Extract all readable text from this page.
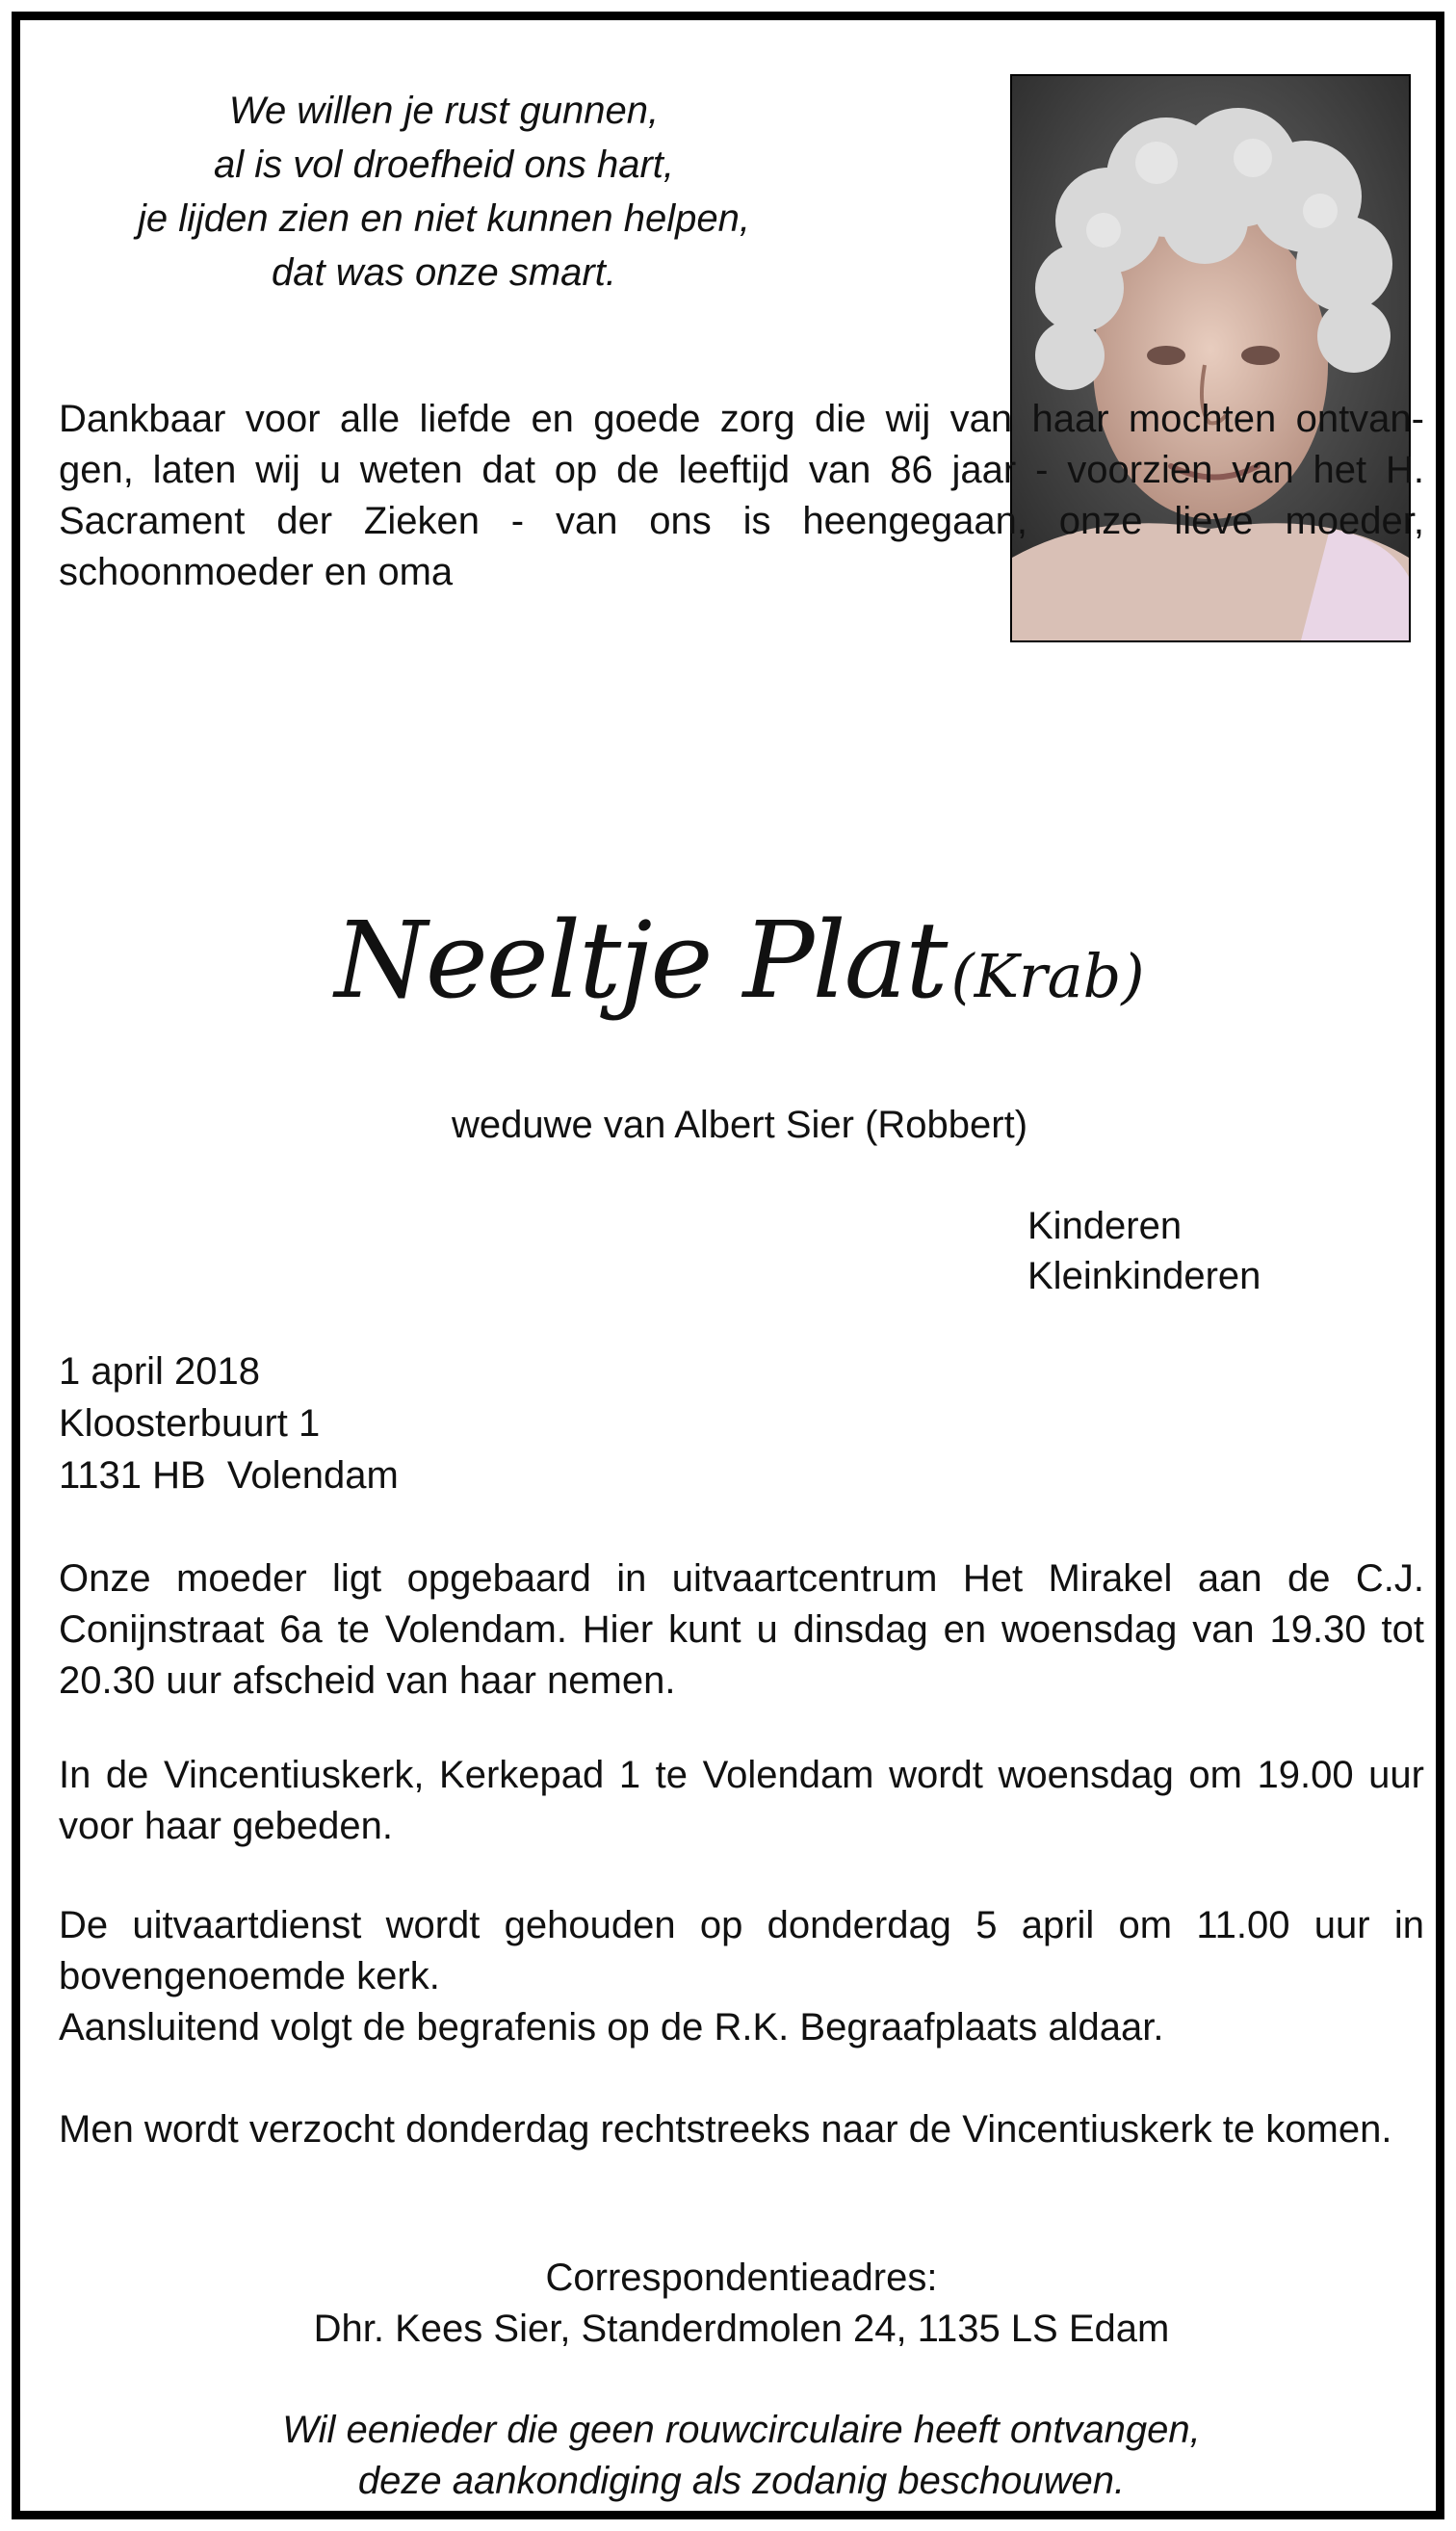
We willen je rust gunnen,
al is vol droefheid ons hart,
je lijden zien en niet kunnen helpen,
dat was onze smart.
Dankbaar voor alle liefde en goede zorg die wij van haar mochten ontvan-
gen, laten wij u weten dat op de leeftijd van 86 jaar - voorzien van het H.
Sacrament der Zieken - van ons is heengegaan, onze lieve moeder,
schoonmoeder en oma
Neeltje Plat (Krab)
weduwe van Albert Sier (Robbert)
Kinderen
Kleinkinderen
1 april 2018
Kloosterbuurt 1
1131 HB  Volendam
Onze moeder ligt opgebaard in uitvaartcentrum Het Mirakel aan de C.J. Conijnstraat 6a te Volendam. Hier kunt u dinsdag en woensdag van 19.30 tot 20.30 uur afscheid van haar nemen.
In de Vincentiuskerk, Kerkepad 1 te Volendam wordt woensdag om 19.00 uur voor haar gebeden.
De uitvaartdienst wordt gehouden op donderdag 5 april om 11.00 uur in bovengenoemde kerk.
Aansluitend volgt de begrafenis op de R.K. Begraafplaats aldaar.
Men wordt verzocht donderdag rechtstreeks naar de Vincentiuskerk te komen.
Correspondentieadres:
Dhr. Kees Sier, Standerdmolen 24, 1135 LS Edam
Wil eenieder die geen rouwcirculaire heeft ontvangen,
deze aankondiging als zodanig beschouwen.
